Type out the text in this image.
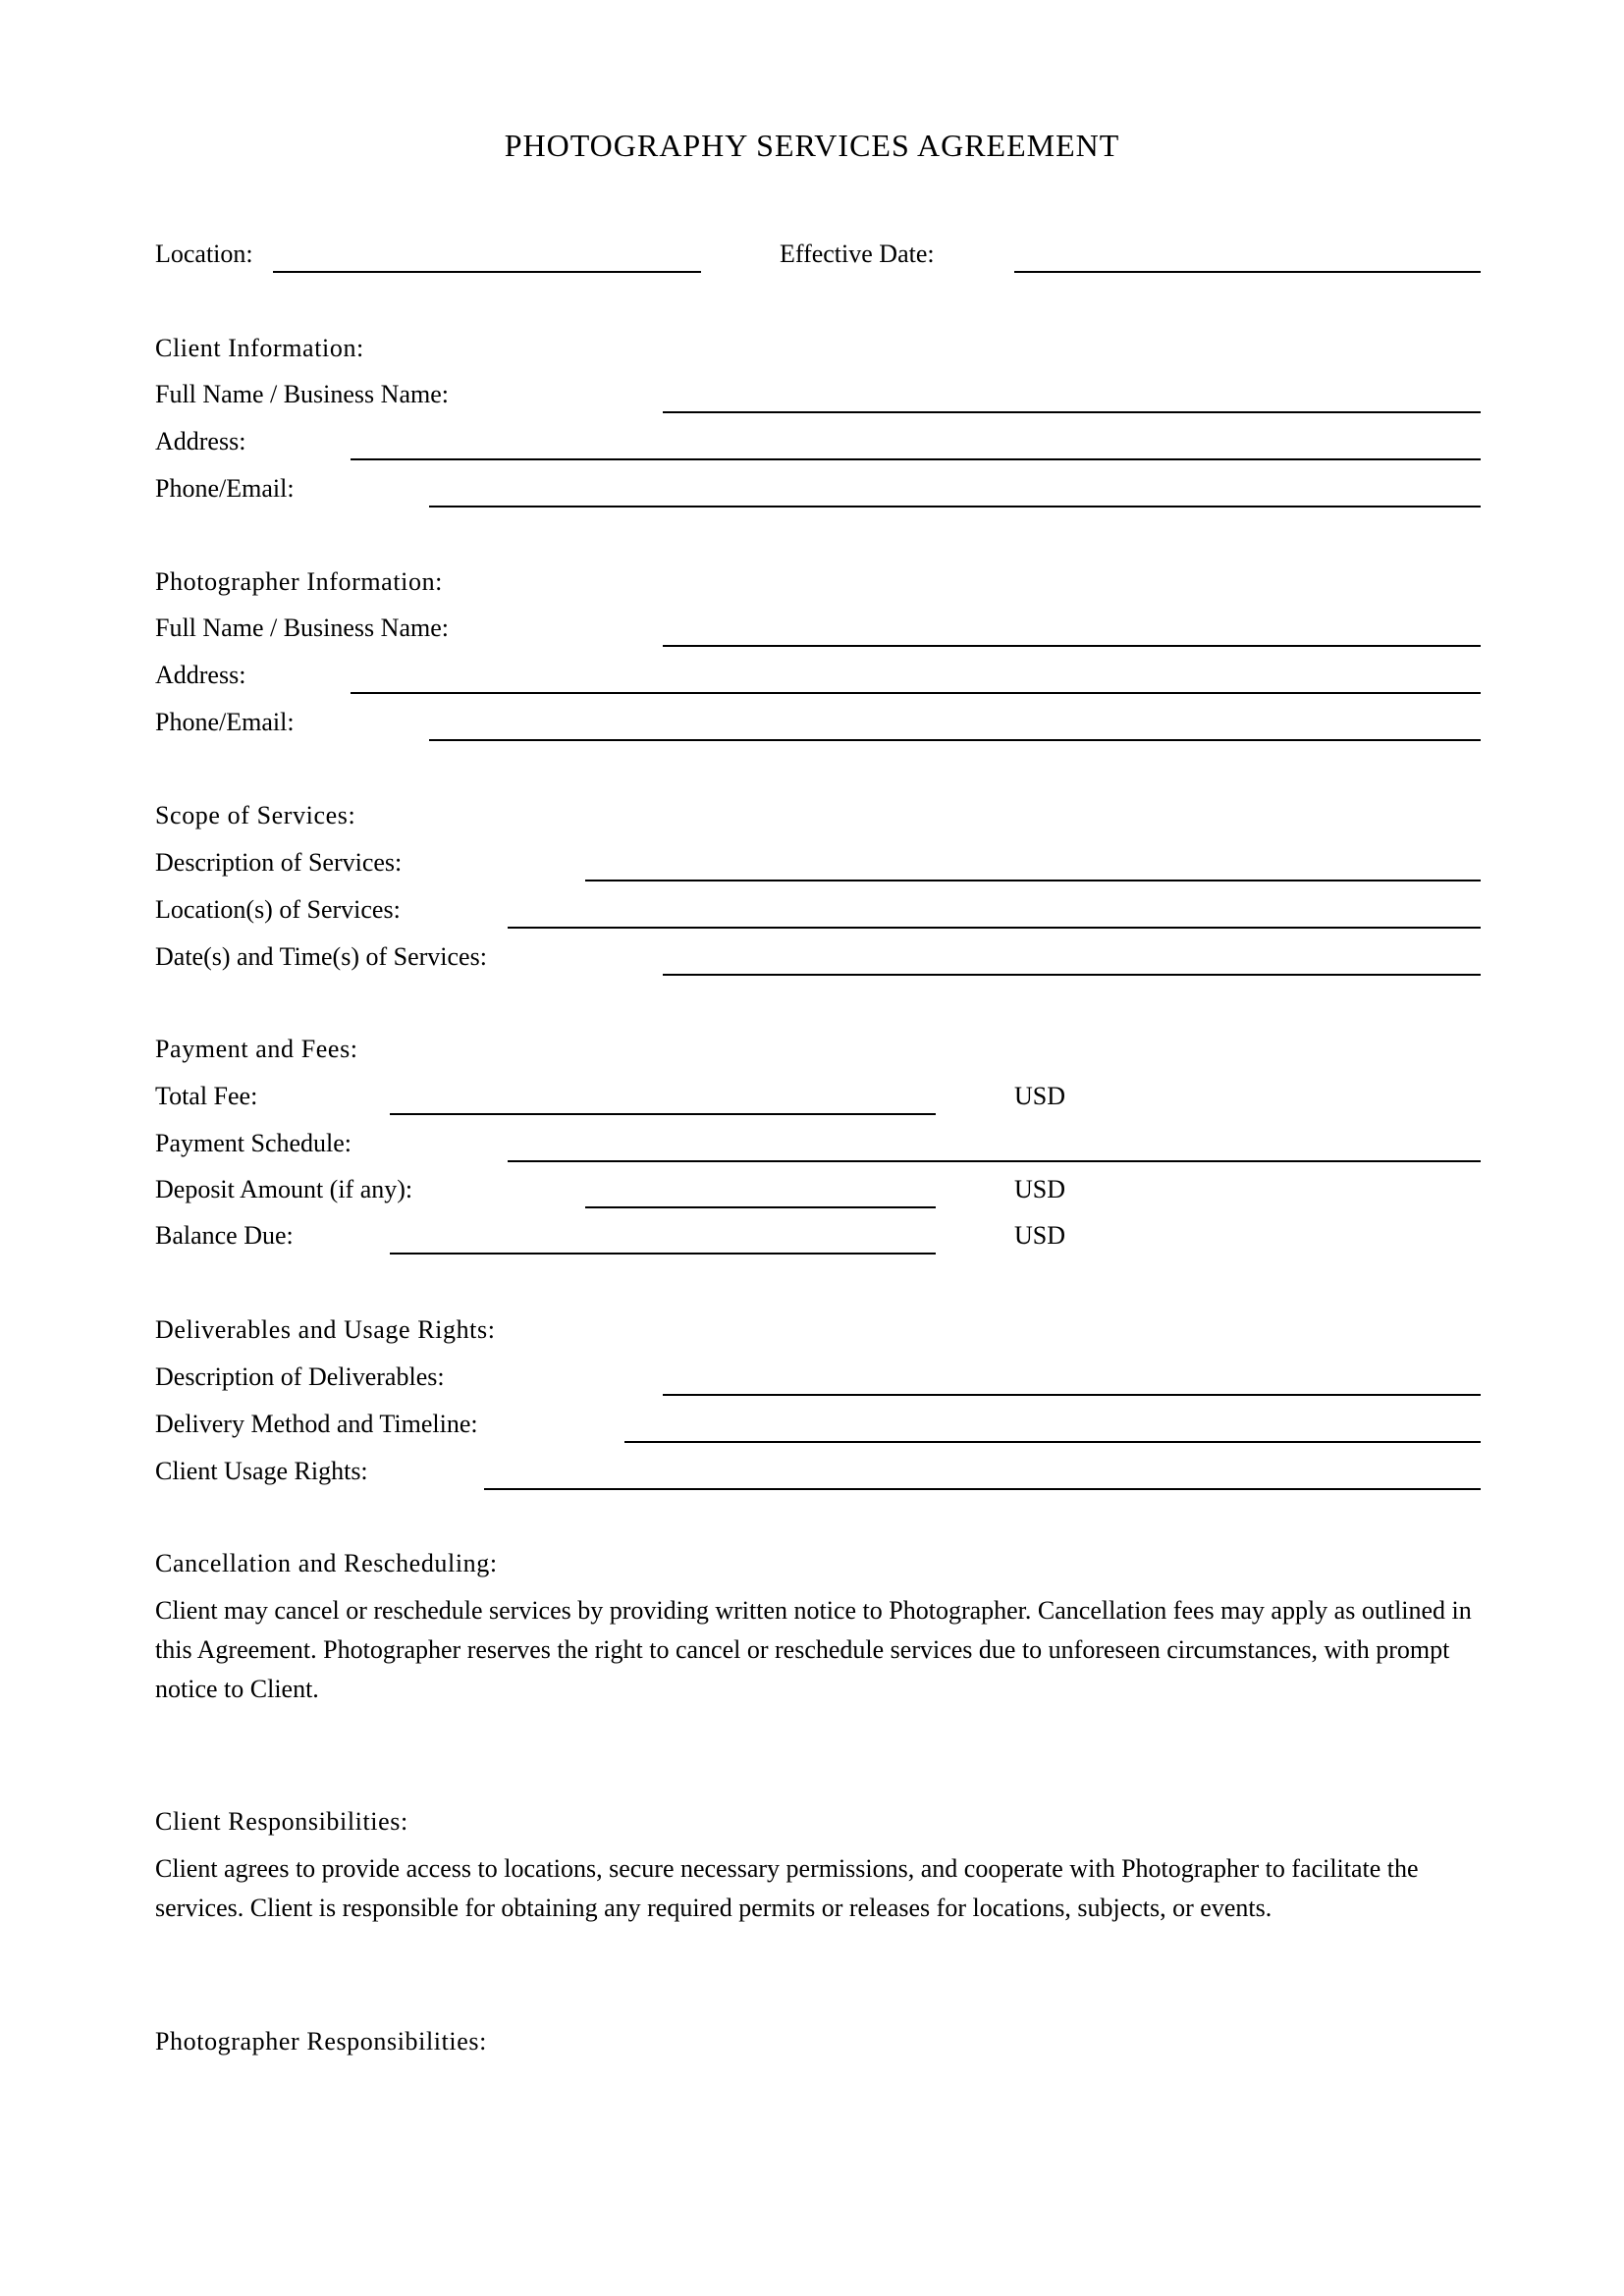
PHOTOGRAPHY SERVICES AGREEMENT
Location:	Effective Date:
Client Information:
Full Name / Business Name:
Address:
Phone/Email:
Photographer Information:
Full Name / Business Name:
Address:
Phone/Email:
Scope of Services:
Description of Services:
Location(s) of Services:
Date(s) and Time(s) of Services:
Payment and Fees:
Total Fee:	USD
Payment Schedule:
Deposit Amount (if any):	USD
Balance Due:	USD
Deliverables and Usage Rights:
Description of Deliverables:
Delivery Method and Timeline:
Client Usage Rights:
Cancellation and Rescheduling:
Client may cancel or reschedule services by providing written notice to Photographer. Cancellation fees may apply as outlined in this Agreement. Photographer reserves the right to cancel or reschedule services due to unforeseen circumstances, with prompt notice to Client.
Client Responsibilities:
Client agrees to provide access to locations, secure necessary permissions, and cooperate with Photographer to facilitate the services. Client is responsible for obtaining any required permits or releases for locations, subjects, or events.
Photographer Responsibilities:
